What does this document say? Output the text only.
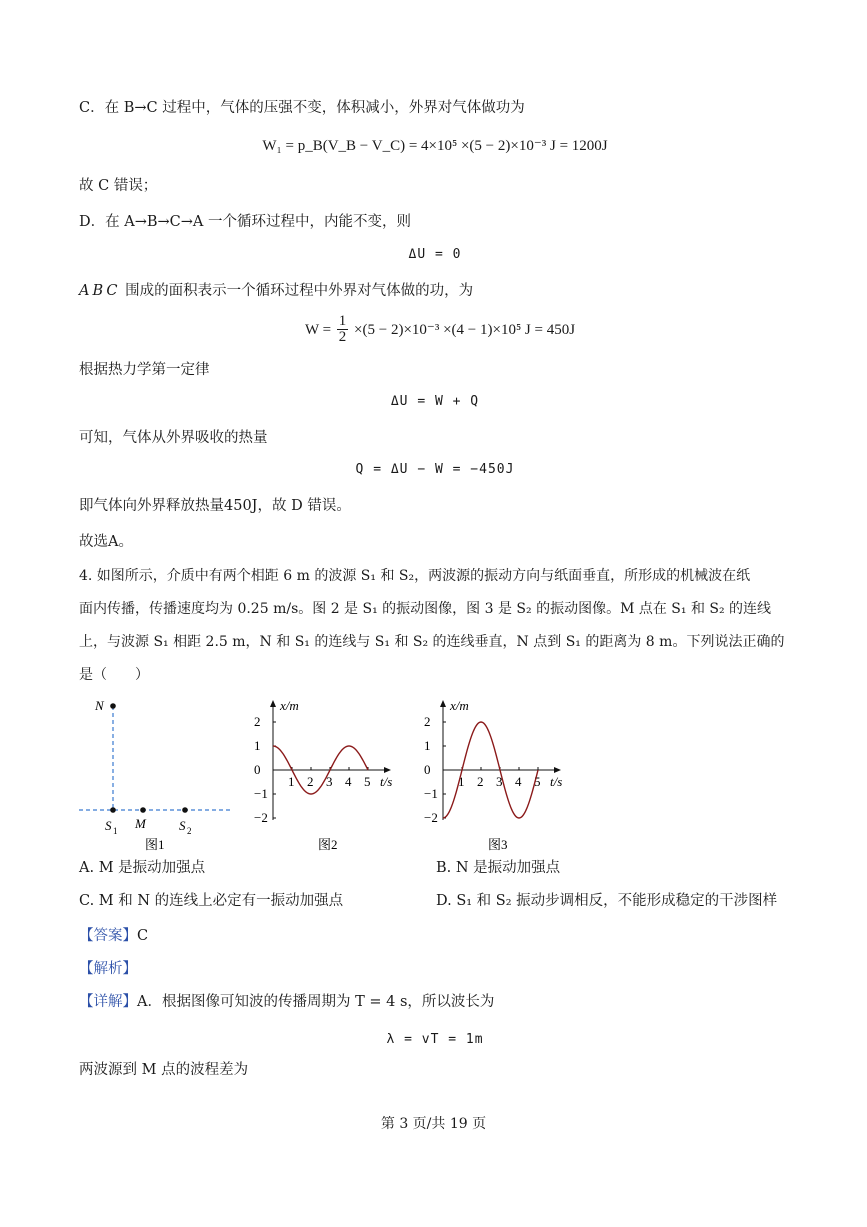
C．在 B→C 过程中，气体的压强不变，体积减小，外界对气体做功为
W₁ = p_B(V_B − V_C) = 4×10⁵ ×(5 − 2)×10⁻³ J = 1200J
故 C 错误；
D．在 A→B→C→A 一个循环过程中，内能不变，则
ΔU = 0
ABC 围成的面积表示一个循环过程中外界对气体做的功，为
$W = \frac{1}{2} \times(5 - 2)\times 10^{-3} \times(4 - 1)\times 10^5$ J = 450J
根据热力学第一定律
ΔU = W + Q
可知，气体从外界吸收的热量
Q = ΔU − W = −450J
即气体向外界释放热量450J，故 D 错误。
故选A。
4. 如图所示，介质中有两个相距 6 m 的波源 S₁ 和 S₂，两波源的振动方向与纸面垂直，所形成的机械波在纸
面内传播，传播速度均为 0.25 m/s。图 2 是 S₁ 的振动图像，图 3 是 S₂ 的振动图像。M 点在 S₁ 和 S₂ 的连线
上，与波源 S₁ 相距 2.5 m，N 和 S₁ 的连线与 S₁ 和 S₂ 的连线垂直，N 点到 S₁ 的距离为 8 m。下列说法正确的
是（　　）
N
S 1 M	S 2
图1
x/m
t/s
2
1
0
−1
−2
1 2 3 4 5
图2
x/m
t/s
2
1
0
−1
−2
1 2 3 4 5
图3
A. M 是振动加强点	B. N 是振动加强点
C. M 和 N 的连线上必定有一振动加强点	D. S₁ 和 S₂ 振动步调相反，不能形成稳定的干涉图样
【答案】C
【解析】
【详解】A．根据图像可知波的传播周期为 T = 4 s，所以波长为
λ = vT = 1m
两波源到 M 点的波程差为
第 3 页/共 19 页
